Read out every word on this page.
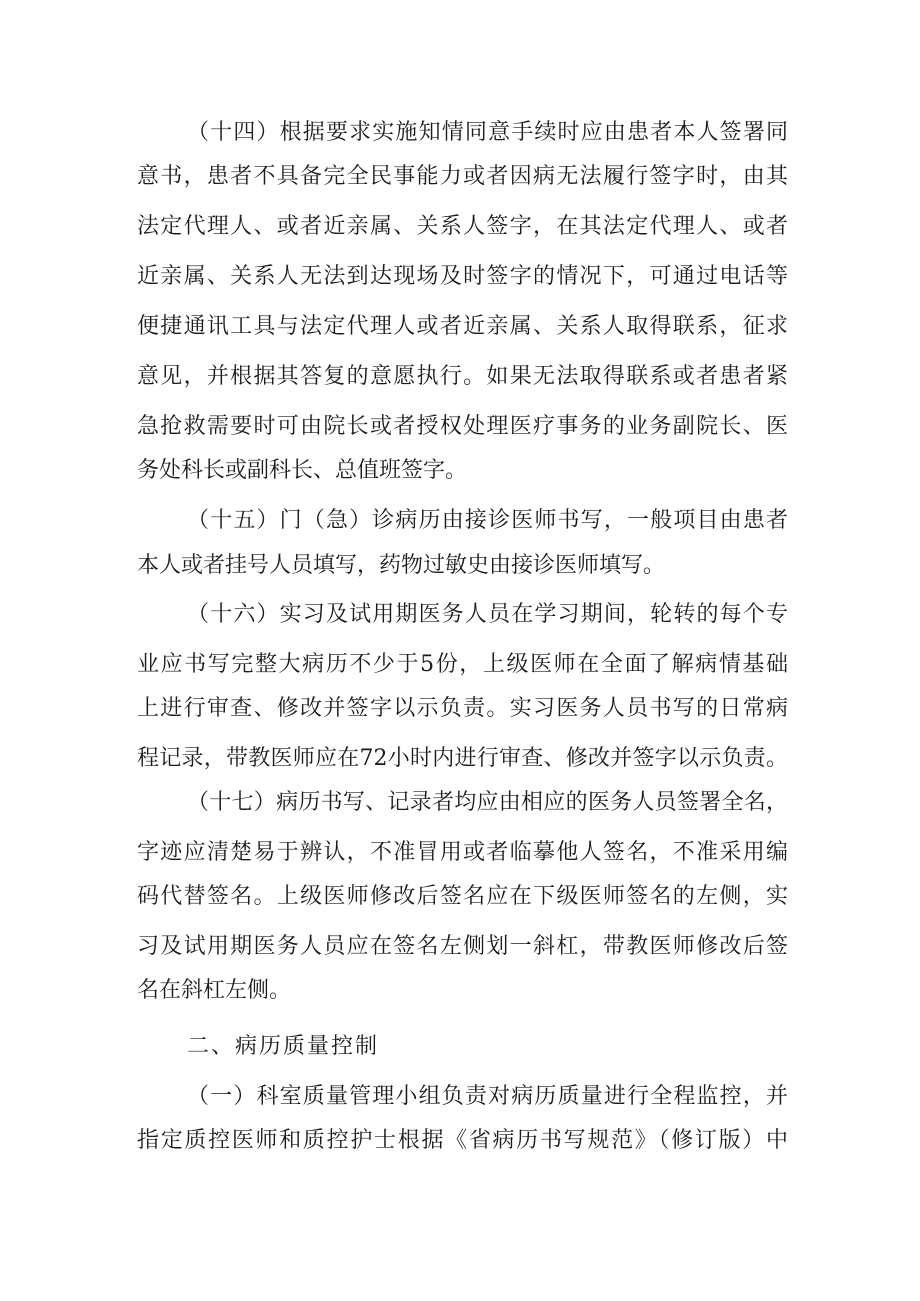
（十四）根据要求实施知情同意手续时应由患者本人签署同
意书，患者不具备完全民事能力或者因病无法履行签字时，由其
法定代理人、或者近亲属、关系人签字，在其法定代理人、或者
近亲属、关系人无法到达现场及时签字的情况下，可通过电话等
便捷通讯工具与法定代理人或者近亲属、关系人取得联系，征求
意见，并根据其答复的意愿执行。如果无法取得联系或者患者紧
急抢救需要时可由院长或者授权处理医疗事务的业务副院长、医
务处科长或副科长、总值班签字。
（十五）门（急）诊病历由接诊医师书写，一般项目由患者
本人或者挂号人员填写，药物过敏史由接诊医师填写。
（十六）实习及试用期医务人员在学习期间，轮转的每个专
业应书写完整大病历不少于5份，上级医师在全面了解病情基础
上进行审查、修改并签字以示负责。实习医务人员书写的日常病
程记录，带教医师应在72小时内进行审查、修改并签字以示负责。
（十七）病历书写、记录者均应由相应的医务人员签署全名，
字迹应清楚易于辨认，不准冒用或者临摹他人签名，不准采用编
码代替签名。上级医师修改后签名应在下级医师签名的左侧，实
习及试用期医务人员应在签名左侧划一斜杠，带教医师修改后签
名在斜杠左侧。
二、病历质量控制
（一）科室质量管理小组负责对病历质量进行全程监控，并
指定质控医师和质控护士根据《省病历书写规范》（修订版）中
